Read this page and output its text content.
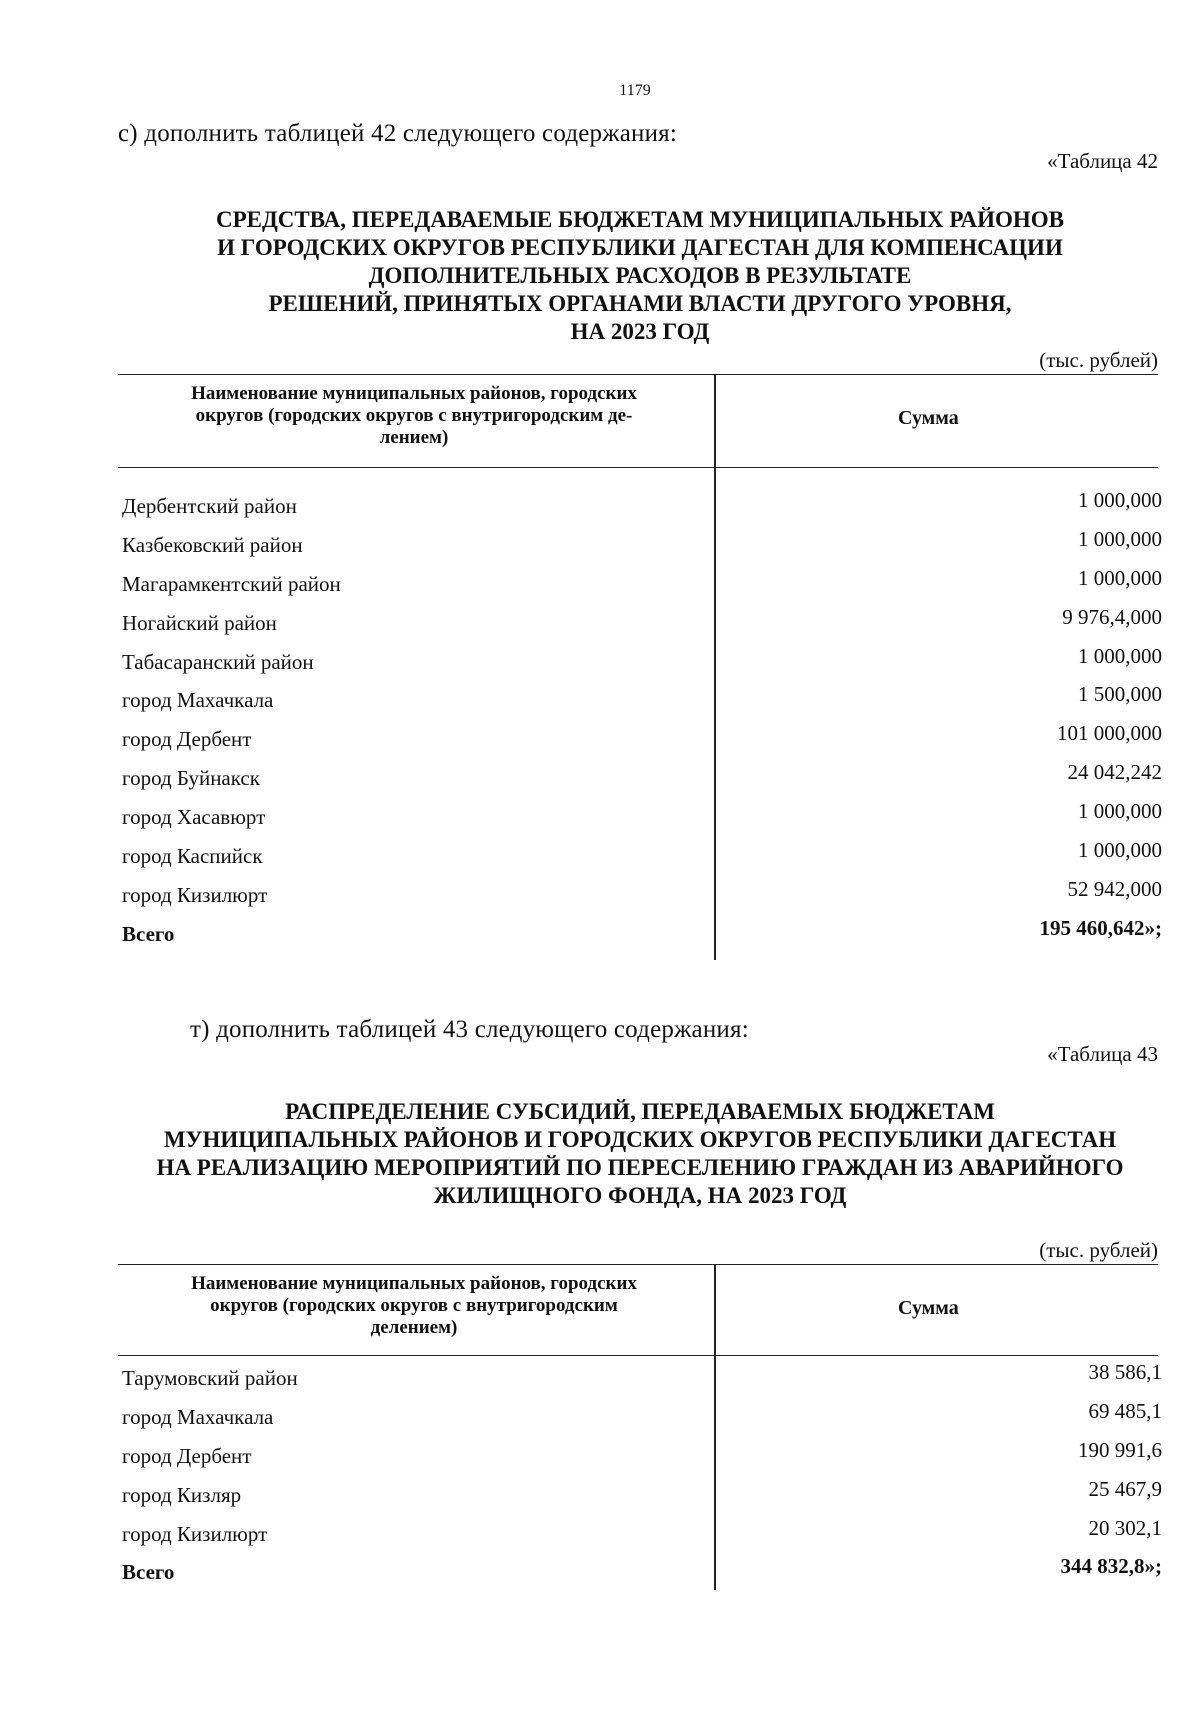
1179
с) дополнить таблицей 42 следующего содержания:
«Таблица 42
СРЕДСТВА, ПЕРЕДАВАЕМЫЕ БЮДЖЕТАМ МУНИЦИПАЛЬНЫХ РАЙОНОВ
И ГОРОДСКИХ ОКРУГОВ РЕСПУБЛИКИ ДАГЕСТАН ДЛЯ КОМПЕНСАЦИИ
ДОПОЛНИТЕЛЬНЫХ РАСХОДОВ В РЕЗУЛЬТАТЕ
РЕШЕНИЙ, ПРИНЯТЫХ ОРГАНАМИ ВЛАСТИ ДРУГОГО УРОВНЯ,
НА 2023 ГОД
(тыс. рублей)
Наименование муниципальных районов, городских
округов (городских округов с внутригородским де-
лением)
Сумма
Дербентский район	1 000,000
Казбековский район	1 000,000
Магарамкентский район	1 000,000
Ногайский район	9 976,4,000
Табасаранский район	1 000,000
город Махачкала	1 500,000
город Дербент	101 000,000
город Буйнакск	24 042,242
город Хасавюрт	1 000,000
город Каспийск	1 000,000
город Кизилюрт	52 942,000
Всего	195 460,642»;
т) дополнить таблицей 43 следующего содержания:
«Таблица 43
РАСПРЕДЕЛЕНИЕ СУБСИДИЙ, ПЕРЕДАВАЕМЫХ БЮДЖЕТАМ
МУНИЦИПАЛЬНЫХ РАЙОНОВ И ГОРОДСКИХ ОКРУГОВ РЕСПУБЛИКИ ДАГЕСТАН
НА РЕАЛИЗАЦИЮ МЕРОПРИЯТИЙ ПО ПЕРЕСЕЛЕНИЮ ГРАЖДАН ИЗ АВАРИЙНОГО
ЖИЛИЩНОГО ФОНДА, НА 2023 ГОД
(тыс. рублей)
Наименование муниципальных районов, городских
округов (городских округов с внутригородским
делением)
Сумма
Тарумовский район	38 586,1
город Махачкала	69 485,1
город Дербент	190 991,6
город Кизляр	25 467,9
город Кизилюрт	20 302,1
Всего	344 832,8»;
